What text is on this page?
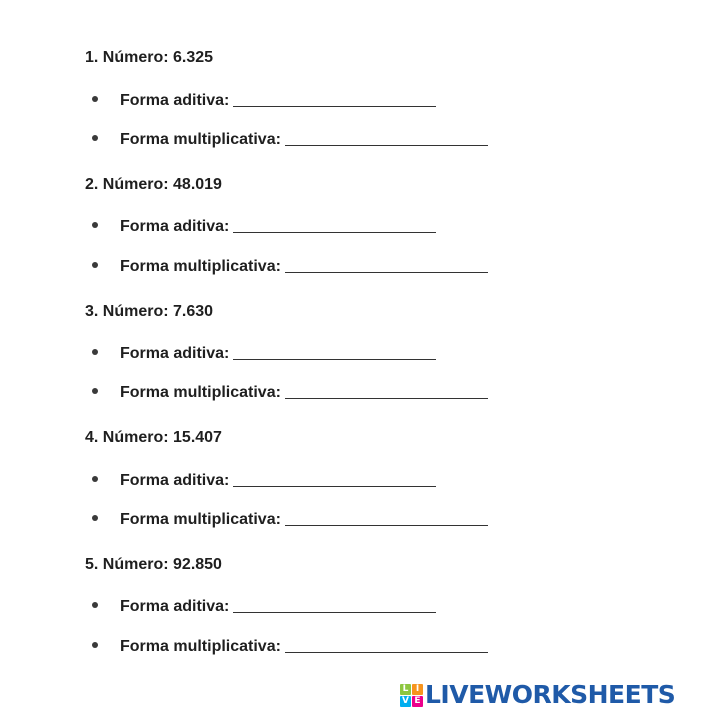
1. Número: 6.325
Forma aditiva:
Forma multiplicativa:
2. Número: 48.019
Forma aditiva:
Forma multiplicativa:
3. Número: 7.630
Forma aditiva:
Forma multiplicativa:
4. Número: 15.407
Forma aditiva:
Forma multiplicativa:
5. Número: 92.850
Forma aditiva:
Forma multiplicativa:
L I
V E LIVEWORKSHEETS
